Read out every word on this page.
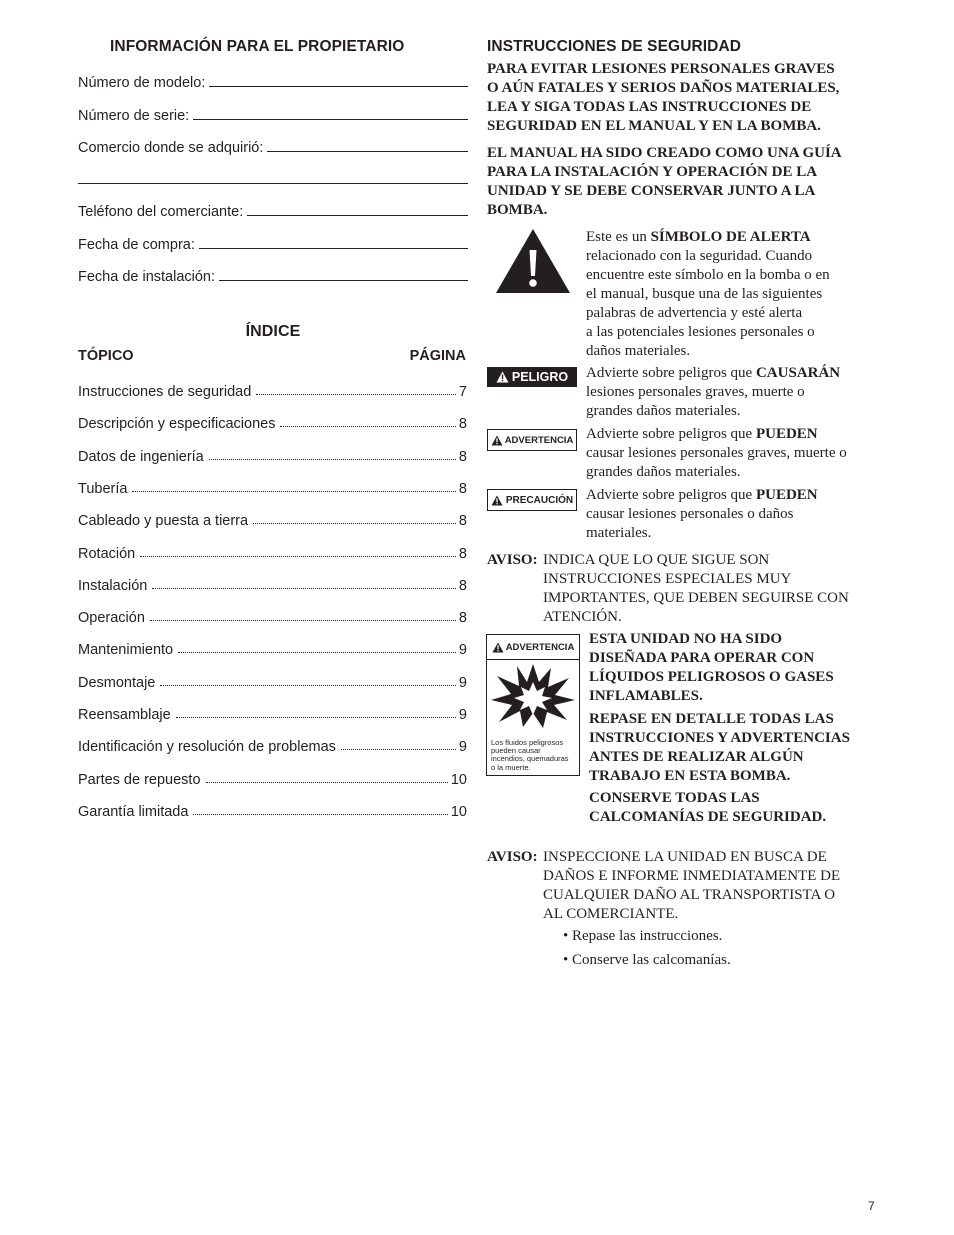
INFORMACIÓN PARA EL PROPIETARIO
Número de modelo:
Número de serie:
Comercio donde se adquirió:
Teléfono del comerciante:
Fecha de compra:
Fecha de instalación:
ÍNDICE
TÓPICO	PÁGINA
Instrucciones de seguridad	7
Descripción y especificaciones	8
Datos de ingeniería	8
Tubería	8
Cableado y puesta a tierra	8
Rotación	8
Instalación	8
Operación	8
Mantenimiento	9
Desmontaje	9
Reensamblaje	9
Identificación y resolución de problemas	9
Partes de repuesto	10
Garantía limitada	10
INSTRUCCIONES DE SEGURIDAD
PARA EVITAR LESIONES PERSONALES GRAVES
O AÚN FATALES Y SERIOS DAÑOS MATERIALES,
LEA Y SIGA TODAS LAS INSTRUCCIONES DE
SEGURIDAD EN EL MANUAL Y EN LA BOMBA.
EL MANUAL HA SIDO CREADO COMO UNA GUÍA
PARA LA INSTALACIÓN Y OPERACIÓN DE LA
UNIDAD Y SE DEBE CONSERVAR JUNTO A LA
BOMBA.
Este es un SÍMBOLO DE ALERTA
relacionado con la seguridad. Cuando
encuentre este símbolo en la bomba o en
el manual, busque una de las siguientes
palabras de advertencia y esté alerta
a las potenciales lesiones personales o
daños materiales.
PELIGRO Advierte sobre peligros que CAUSARÁN
lesiones personales graves, muerte o
grandes daños materiales.
ADVERTENCIA Advierte sobre peligros que PUEDEN
causar lesiones personales graves, muerte o
grandes daños materiales.
PRECAUCIÓN Advierte sobre peligros que PUEDEN
causar lesiones personales o daños
materiales.
AVISO: INDICA QUE LO QUE SIGUE SON
INSTRUCCIONES ESPECIALES MUY
IMPORTANTES, QUE DEBEN SEGUIRSE CON
ATENCIÓN.
ADVERTENCIA
Los fluidos peligrosos
pueden causar
incendios, quemaduras
o la muerte.
ESTA UNIDAD NO HA SIDO
DISEÑADA PARA OPERAR CON
LÍQUIDOS PELIGROSOS O GASES
INFLAMABLES.
REPASE EN DETALLE TODAS LAS
INSTRUCCIONES Y ADVERTENCIAS
ANTES DE REALIZAR ALGÚN
TRABAJO EN ESTA BOMBA.
CONSERVE TODAS LAS
CALCOMANÍAS DE SEGURIDAD.
AVISO: INSPECCIONE LA UNIDAD EN BUSCA DE
DAÑOS E INFORME INMEDIATAMENTE DE
CUALQUIER DAÑO AL TRANSPORTISTA O
AL COMERCIANTE.
• Repase las instrucciones.
• Conserve las calcomanías.
7
